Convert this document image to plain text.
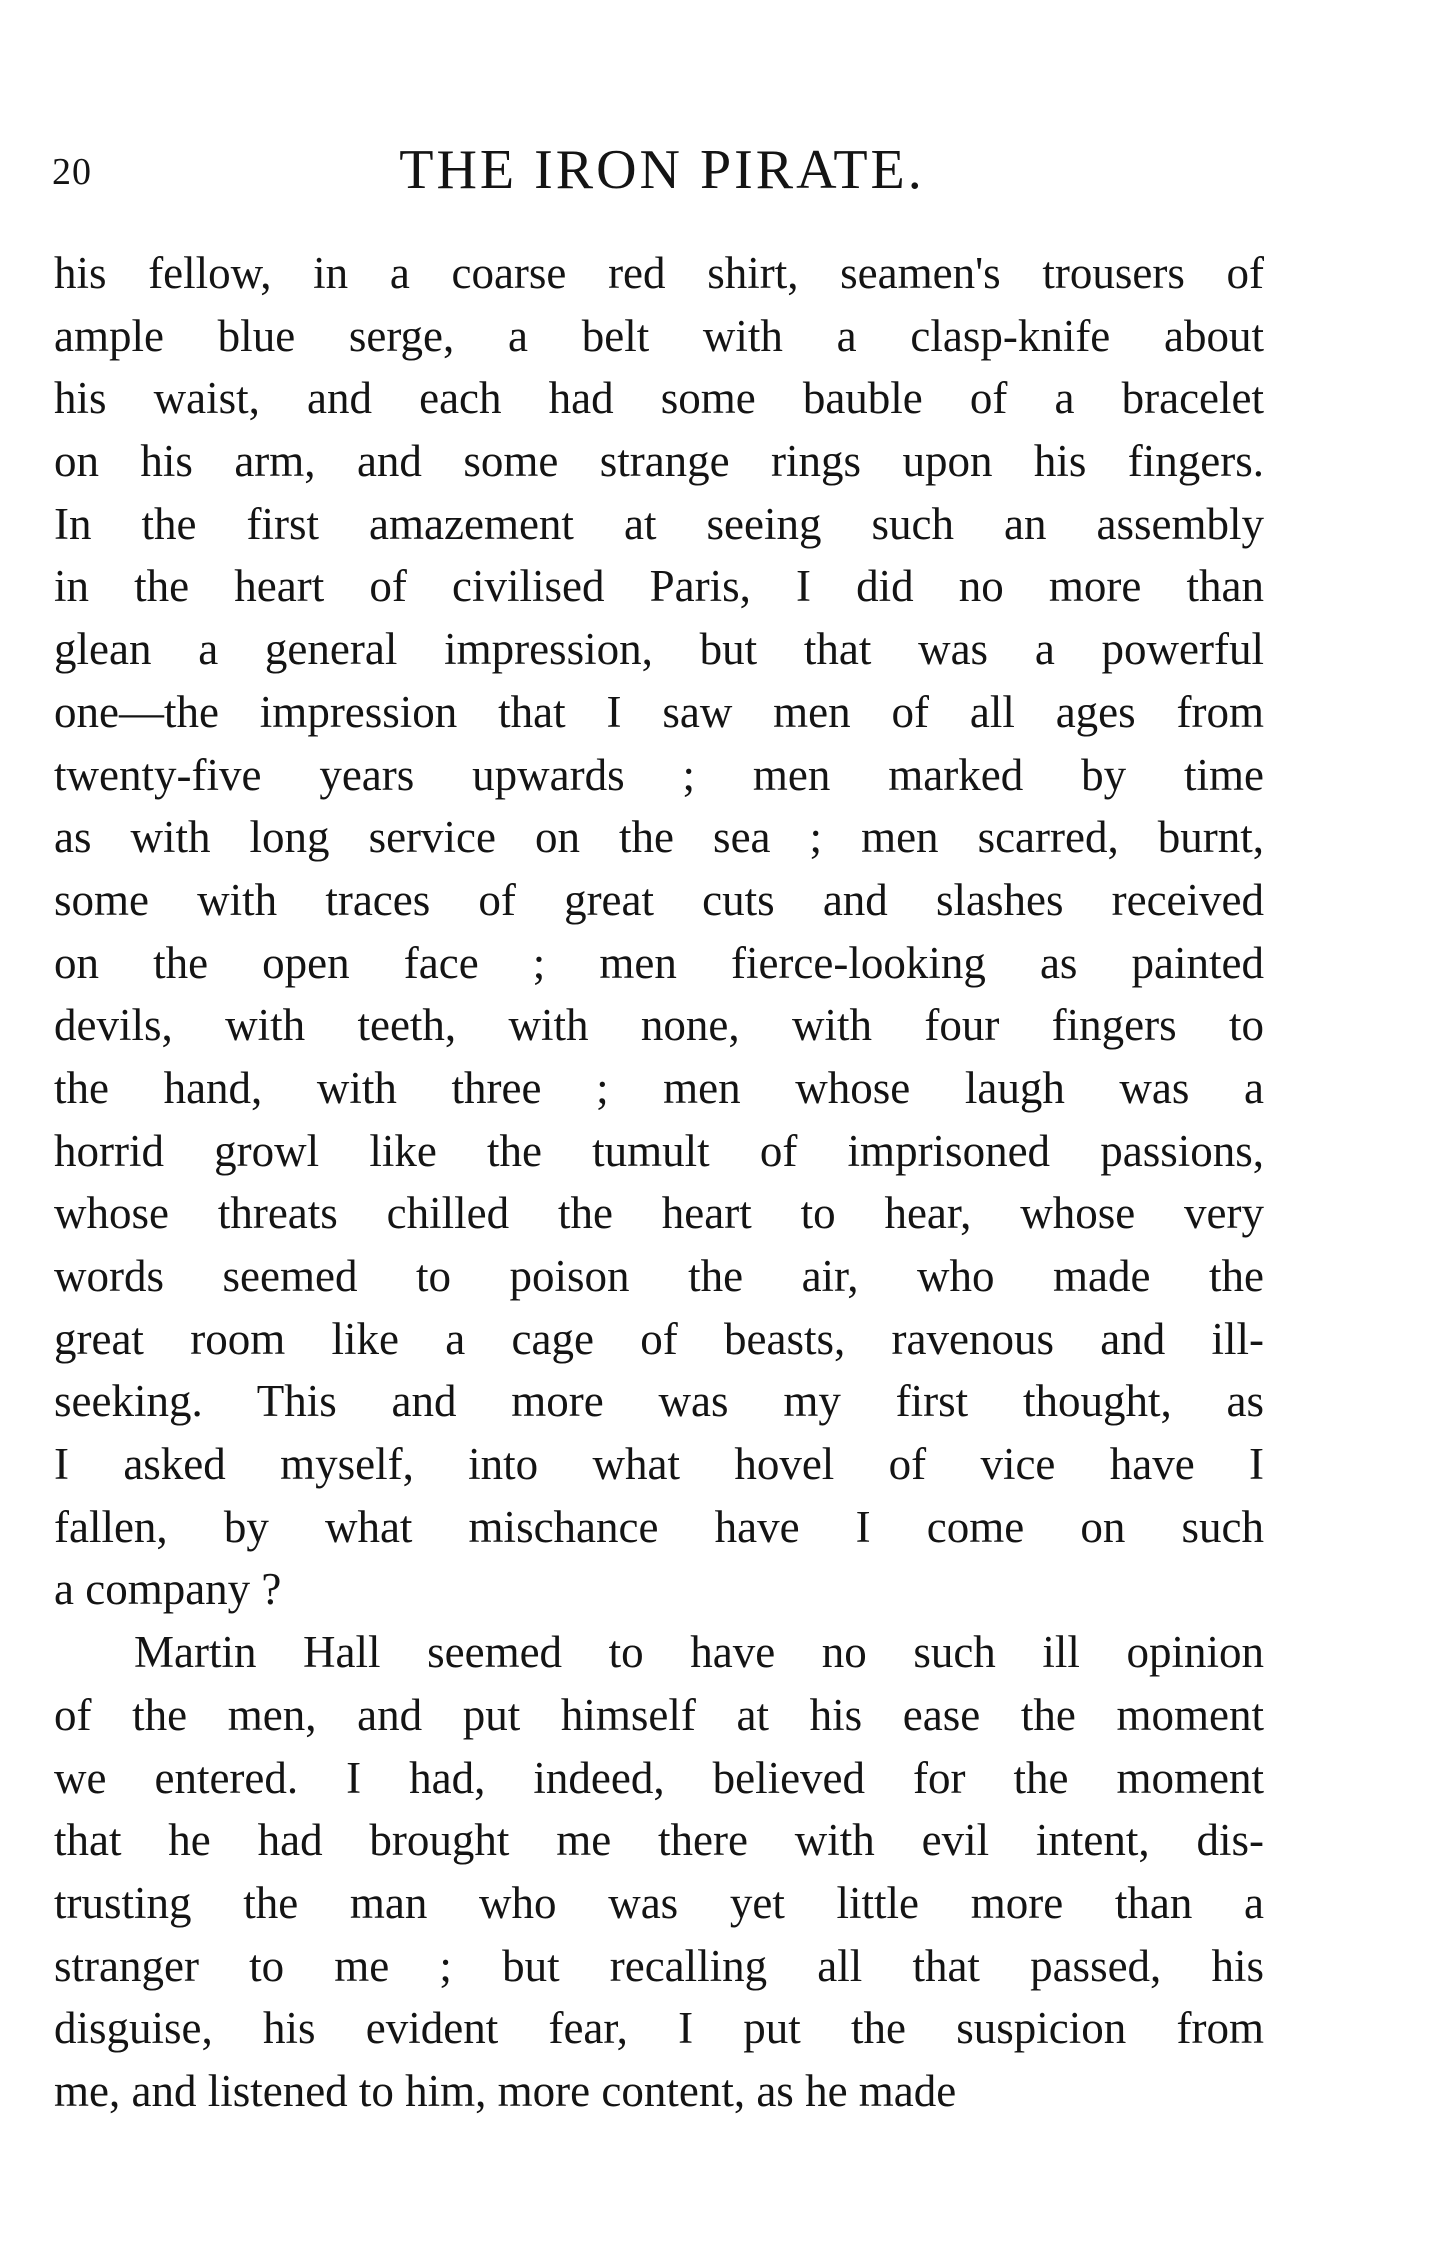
20	THE IRON PIRATE.
his fellow, in a coarse red shirt, seamen's trousers of
ample blue serge, a belt with a clasp-knife about
his waist, and each had some bauble of a bracelet
on his arm, and some strange rings upon his fingers.
In the first amazement at seeing such an assembly
in the heart of civilised Paris, I did no more than
glean a general impression, but that was a powerful
one—the impression that I saw men of all ages from
twenty-five years upwards ; men marked by time
as with long service on the sea ; men scarred, burnt,
some with traces of great cuts and slashes received
on the open face ; men fierce-looking as painted
devils, with teeth, with none, with four fingers to
the hand, with three ; men whose laugh was a
horrid growl like the tumult of imprisoned passions,
whose threats chilled the heart to hear, whose very
words seemed to poison the air, who made the
great room like a cage of beasts, ravenous and ill-
seeking. This and more was my first thought, as
I asked myself, into what hovel of vice have I
fallen, by what mischance have I come on such
a company ?
Martin Hall seemed to have no such ill opinion
of the men, and put himself at his ease the moment
we entered. I had, indeed, believed for the moment
that he had brought me there with evil intent, dis-
trusting the man who was yet little more than a
stranger to me ; but recalling all that passed, his
disguise, his evident fear, I put the suspicion from
me, and listened to him, more content, as he made
